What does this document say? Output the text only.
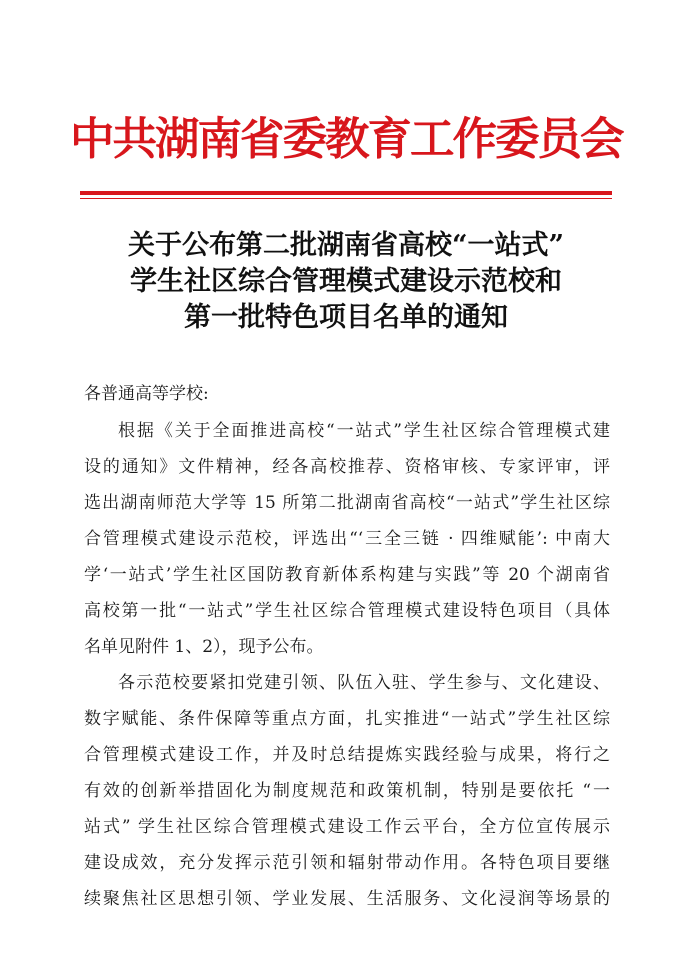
中共湖南省委教育工作委员会
关于公布第二批湖南省高校“一站式”
学生社区综合管理模式建设示范校和
第一批特色项目名单的通知
各普通高等学校:
根据《关于全面推进高校“一站式”学生社区综合管理模式建
设的通知》文件精神，经各高校推荐、资格审核、专家评审，评
选出湖南师范大学等 15 所第二批湖南省高校“一站式”学生社区综
合管理模式建设示范校，评选出“‘三全三链 · 四维赋能’: 中南大
学‘一站式’学生社区国防教育新体系构建与实践”等 20 个湖南省
高校第一批“一站式”学生社区综合管理模式建设特色项目（具体
名单见附件 1、2），现予公布。
各示范校要紧扣党建引领、队伍入驻、学生参与、文化建设、
数字赋能、条件保障等重点方面，扎实推进“一站式”学生社区综
合管理模式建设工作，并及时总结提炼实践经验与成果，将行之
有效的创新举措固化为制度规范和政策机制，特别是要依托 “一
站式” 学生社区综合管理模式建设工作云平台，全方位宣传展示
建设成效，充分发挥示范引领和辐射带动作用。各特色项目要继
续聚焦社区思想引领、学业发展、生活服务、文化浸润等场景的
